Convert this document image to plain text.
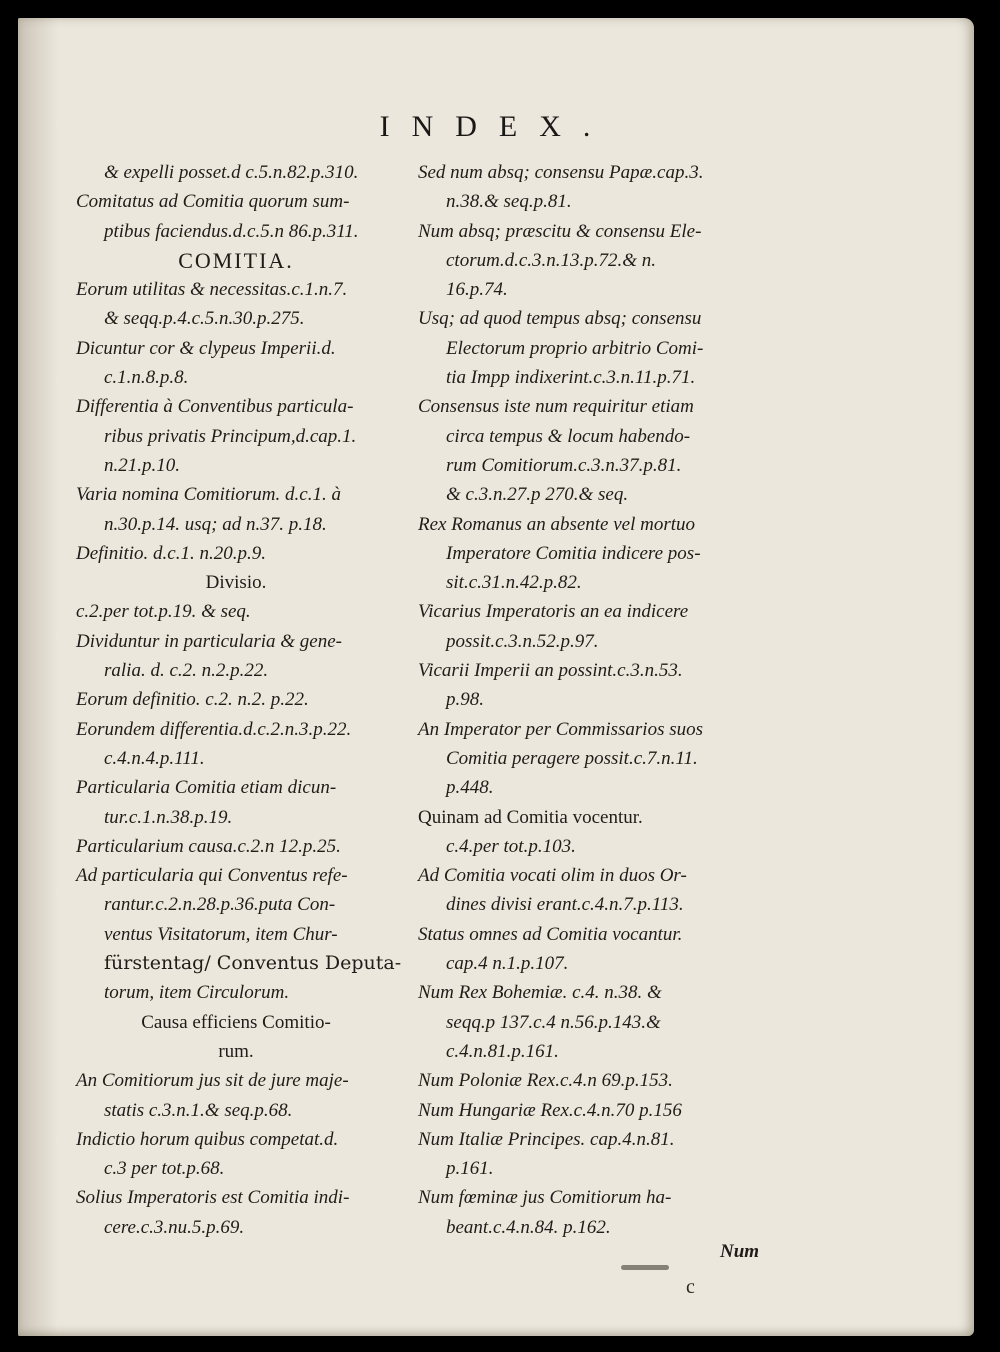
INDEX.
& expelli posset.d c.5.n.82.p.310.
Comitatus ad Comitia quorum sum-
ptibus faciendus.d.c.5.n 86.p.311.
COMITIA.
Eorum utilitas & necessitas.c.1.n.7.
& seqq.p.4.c.5.n.30.p.275.
Dicuntur cor & clypeus Imperii.d.
c.1.n.8.p.8.
Differentia à Conventibus particula-
ribus privatis Principum,d.cap.1.
n.21.p.10.
Varia nomina Comitiorum. d.c.1. à
n.30.p.14. usq; ad n.37. p.18.
Definitio. d.c.1. n.20.p.9.
Divisio.
c.2.per tot.p.19. & seq.
Dividuntur in particularia & gene-
ralia. d. c.2. n.2.p.22.
Eorum definitio. c.2. n.2. p.22.
Eorundem differentia.d.c.2.n.3.p.22.
c.4.n.4.p.111.
Particularia Comitia etiam dicun-
tur.c.1.n.38.p.19.
Particularium causa.c.2.n 12.p.25.
Ad particularia qui Conventus refe-
rantur.c.2.n.28.p.36.puta Con-
ventus Visitatorum, item Chur-
fürstentag/ Conventus Deputa-
torum, item Circulorum.
Causa efficiens Comitio-
rum.
An Comitiorum jus sit de jure maje-
statis c.3.n.1.& seq.p.68.
Indictio horum quibus competat.d.
c.3 per tot.p.68.
Solius Imperatoris est Comitia indi-
cere.c.3.nu.5.p.69.
Sed num absq; consensu Papæ.cap.3.
n.38.& seq.p.81.
Num absq; præscitu & consensu Ele-
ctorum.d.c.3.n.13.p.72.& n.
16.p.74.
Usq; ad quod tempus absq; consensu
Electorum proprio arbitrio Comi-
tia Impp indixerint.c.3.n.11.p.71.
Consensus iste num requiritur etiam
circa tempus & locum habendo-
rum Comitiorum.c.3.n.37.p.81.
& c.3.n.27.p 270.& seq.
Rex Romanus an absente vel mortuo
Imperatore Comitia indicere pos-
sit.c.31.n.42.p.82.
Vicarius Imperatoris an ea indicere
possit.c.3.n.52.p.97.
Vicarii Imperii an possint.c.3.n.53.
p.98.
An Imperator per Commissarios suos
Comitia peragere possit.c.7.n.11.
p.448.
Quinam ad Comitia vocentur.
c.4.per tot.p.103.
Ad Comitia vocati olim in duos Or-
dines divisi erant.c.4.n.7.p.113.
Status omnes ad Comitia vocantur.
cap.4 n.1.p.107.
Num Rex Bohemiæ. c.4. n.38. &
seqq.p 137.c.4 n.56.p.143.&
c.4.n.81.p.161.
Num Poloniæ Rex.c.4.n 69.p.153.
Num Hungariæ Rex.c.4.n.70 p.156
Num Italiæ Principes. cap.4.n.81.
p.161.
Num fœminæ jus Comitiorum ha-
beant.c.4.n.84. p.162.
Num
c
